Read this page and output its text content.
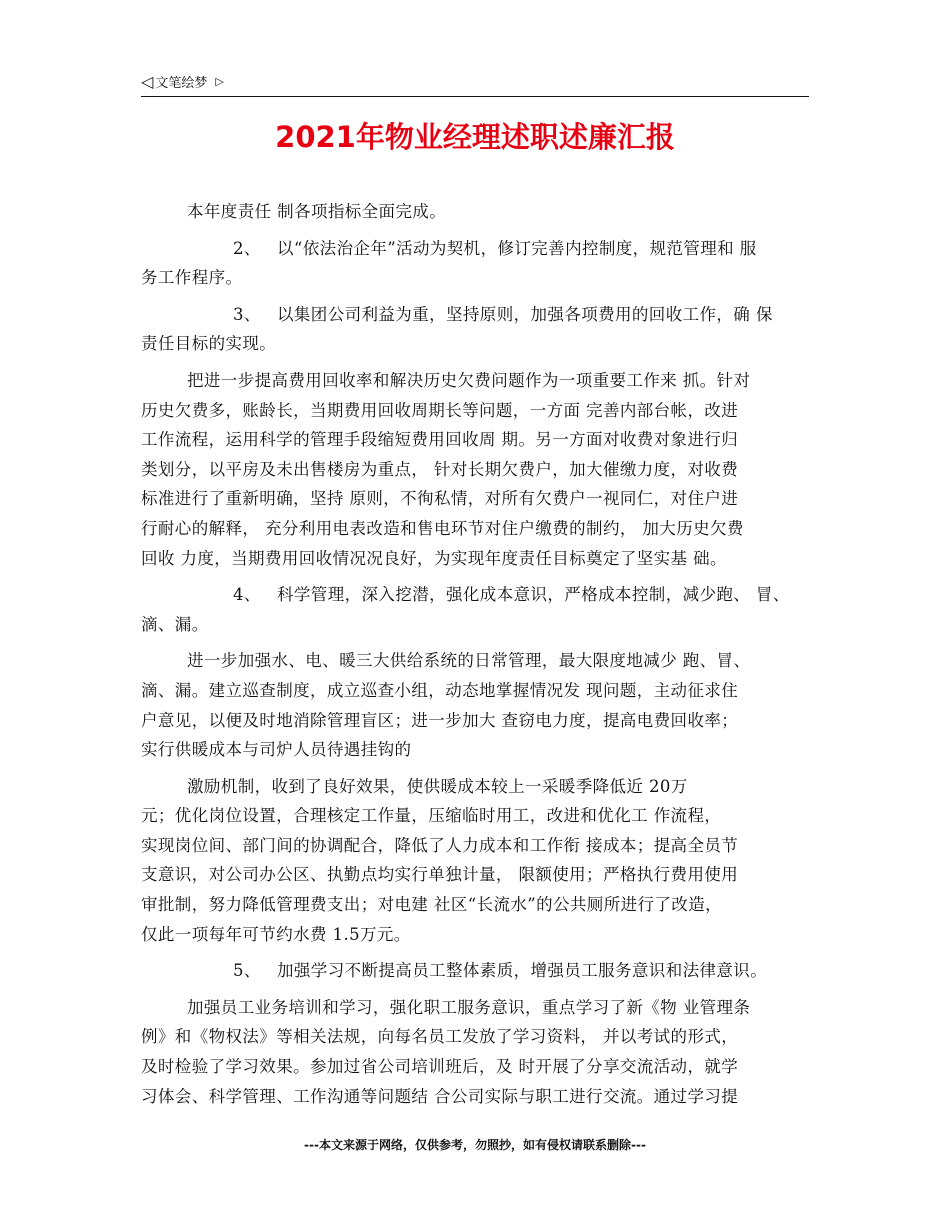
◁ 文笔绘梦 ▷
2021年物业经理述职述廉汇报

本年度责任 制各项指标全面完成。

2、 以“依法治企年”活动为契机，修订完善内控制度，规范管理和 服

务工作程序。

3、 以集团公司利益为重，坚持原则，加强各项费用的回收工作，确 保

责任目标的实现。

把进一步提高费用回收率和解决历史欠费问题作为一项重要工作来 抓。针对

历史欠费多，账龄长，当期费用回收周期长等问题，一方面 完善内部台帐，改进

工作流程，运用科学的管理手段缩短费用回收周 期。另一方面对收费对象进行归

类划分，以平房及未出售楼房为重点， 针对长期欠费户，加大催缴力度，对收费

标准进行了重新明确，坚持 原则，不徇私情，对所有欠费户一视同仁，对住户进

行耐心的解释， 充分利用电表改造和售电环节对住户缴费的制约， 加大历史欠费

回收 力度，当期费用回收情况况良好，为实现年度责任目标奠定了坚实基 础。

4、 科学管理，深入挖潜，强化成本意识，严格成本控制，减少跑、 冒、

滴、漏。

进一步加强水、电、暖三大供给系统的日常管理，最大限度地减少 跑、冒、

滴、漏。建立巡查制度，成立巡查小组，动态地掌握情况发 现问题，主动征求住

户意见，以便及时地消除管理盲区；进一步加大 查窃电力度，提高电费回收率；

实行供暖成本与司炉人员待遇挂钩的

激励机制，收到了良好效果，使供暖成本较上一采暖季降低近 20万

元；优化岗位设置，合理核定工作量，压缩临时用工，改进和优化工 作流程，

实现岗位间、部门间的协调配合，降低了人力成本和工作衔 接成本；提高全员节

支意识，对公司办公区、执勤点均实行单独计量， 限额使用；严格执行费用使用

审批制，努力降低管理费支出；对电建 社区“长流水”的公共厕所进行了改造，

仅此一项每年可节约水费 1.5万元。

5、 加强学习不断提高员工整体素质，增强员工服务意识和法律意识。

加强员工业务培训和学习，强化职工服务意识，重点学习了新《物 业管理条

例》和《物权法》等相关法规，向每名员工发放了学习资料， 并以考试的形式，

及时检验了学习效果。参加过省公司培训班后，及 时开展了分享交流活动，就学

习体会、科学管理、工作沟通等问题结 合公司实际与职工进行交流。通过学习提

---本文来源于网络，仅供参考，勿照抄，如有侵权请联系删除---
